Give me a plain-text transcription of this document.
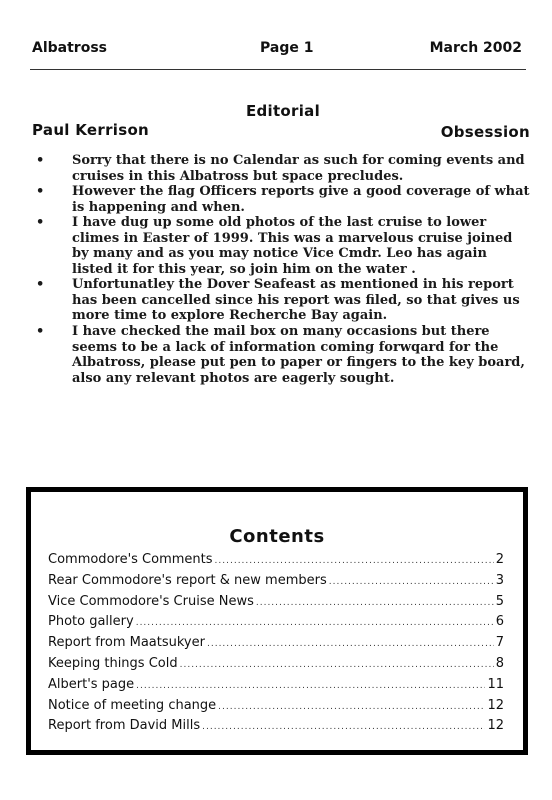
Albatross	Page 1	March 2002
Editorial
Paul Kerrison	Obsession
• Sorry that there is no Calendar as such for coming events and cruises in this Albatross but space precludes.
• However the flag Officers reports give a good coverage of what is happening and when.
• I have dug up some old photos of the last cruise to lower climes in Easter of 1999. This was a marvelous cruise joined by many and as you may notice Vice Cmdr. Leo has again listed it for this year, so join him on the water .
• Unfortunatley the Dover Seafeast as mentioned in his report has been cancelled since his report was filed, so that gives us more time to explore Recherche Bay again.
• I have checked the mail box on many occasions but there seems to be a lack of information coming forwqard for the Albatross, please put pen to paper or fingers to the key board, also any relevant photos are eagerly sought.
Contents
Commodore's Comments .....	2
Rear Commodore's report & new members .....	3
Vice Commodore's Cruise News .....	5
Photo gallery .....	6
Report from Maatsukyer .....	7
Keeping things Cold .....	8
Albert's page .....	11
Notice of meeting change .....	12
Report from David Mills .....	12
